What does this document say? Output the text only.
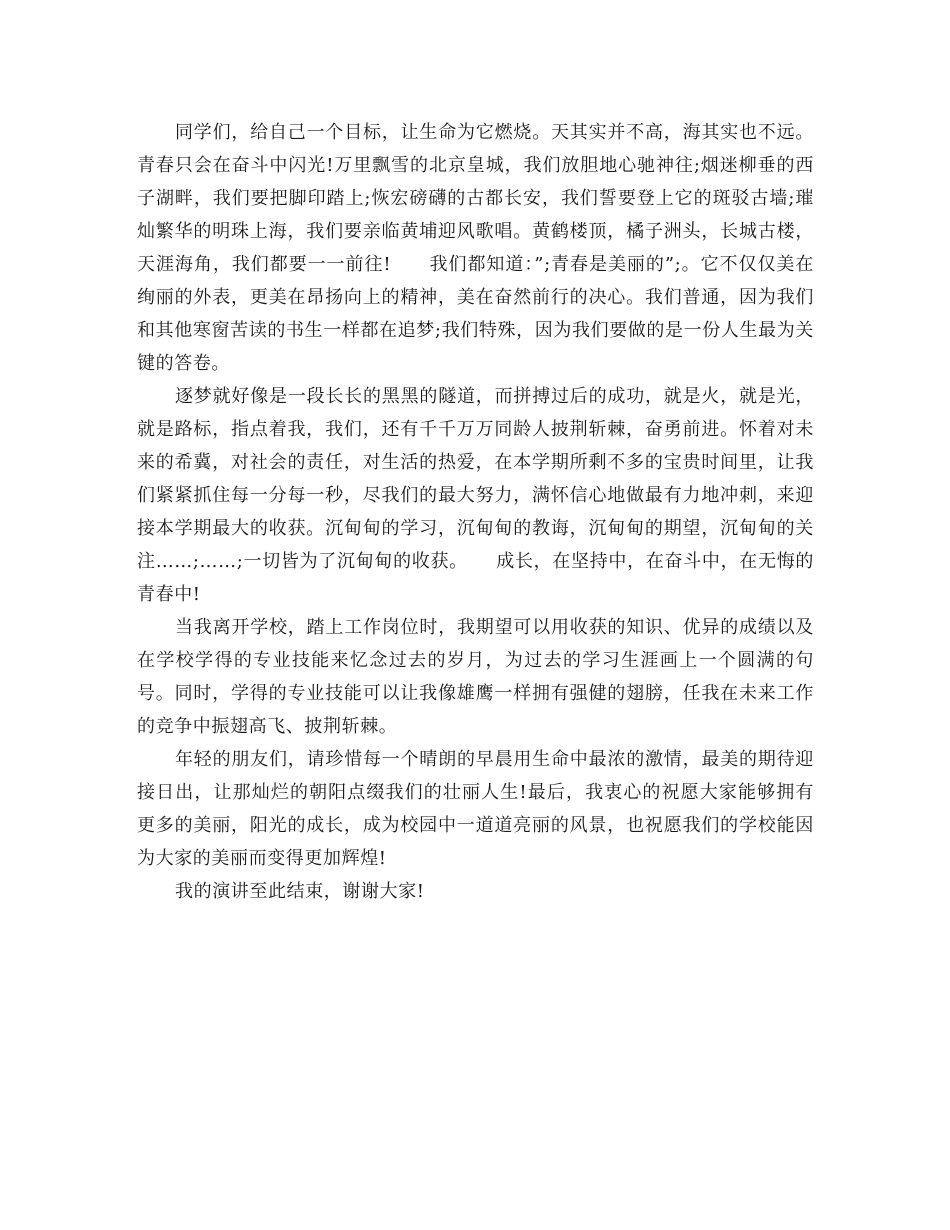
同学们，给自己一个目标，让生命为它燃烧。天其实并不高，海其实也不远。青春只会在奋斗中闪光!万里飘雪的北京皇城，我们放胆地心驰神往;烟迷柳垂的西子湖畔，我们要把脚印踏上;恢宏磅礴的古都长安，我们誓要登上它的斑驳古墙;璀灿繁华的明珠上海，我们要亲临黄埔迎风歌唱。黄鹤楼顶，橘子洲头，长城古楼，天涯海角，我们都要一一前往!　　我们都知道：”;青春是美丽的”;。它不仅仅美在绚丽的外表，更美在昂扬向上的精神，美在奋然前行的决心。我们普通，因为我们和其他寒窗苦读的书生一样都在追梦;我们特殊，因为我们要做的是一份人生最为关键的答卷。

逐梦就好像是一段长长的黑黑的隧道，而拼搏过后的成功，就是火，就是光，就是路标，指点着我，我们，还有千千万万同龄人披荆斩棘，奋勇前进。怀着对未来的希冀，对社会的责任，对生活的热爱，在本学期所剩不多的宝贵时间里，让我们紧紧抓住每一分每一秒，尽我们的最大努力，满怀信心地做最有力地冲刺，来迎接本学期最大的收获。沉甸甸的学习，沉甸甸的教诲，沉甸甸的期望，沉甸甸的关注……;……;一切皆为了沉甸甸的收获。　　成长，在坚持中，在奋斗中，在无悔的青春中!

当我离开学校，踏上工作岗位时，我期望可以用收获的知识、优异的成绩以及在学校学得的专业技能来忆念过去的岁月，为过去的学习生涯画上一个圆满的句号。同时，学得的专业技能可以让我像雄鹰一样拥有强健的翅膀，任我在未来工作的竞争中振翅高飞、披荆斩棘。

年轻的朋友们，请珍惜每一个晴朗的早晨用生命中最浓的激情，最美的期待迎接日出，让那灿烂的朝阳点缀我们的壮丽人生!最后，我衷心的祝愿大家能够拥有更多的美丽，阳光的成长，成为校园中一道道亮丽的风景，也祝愿我们的学校能因为大家的美丽而变得更加辉煌!

我的演讲至此结束，谢谢大家!
